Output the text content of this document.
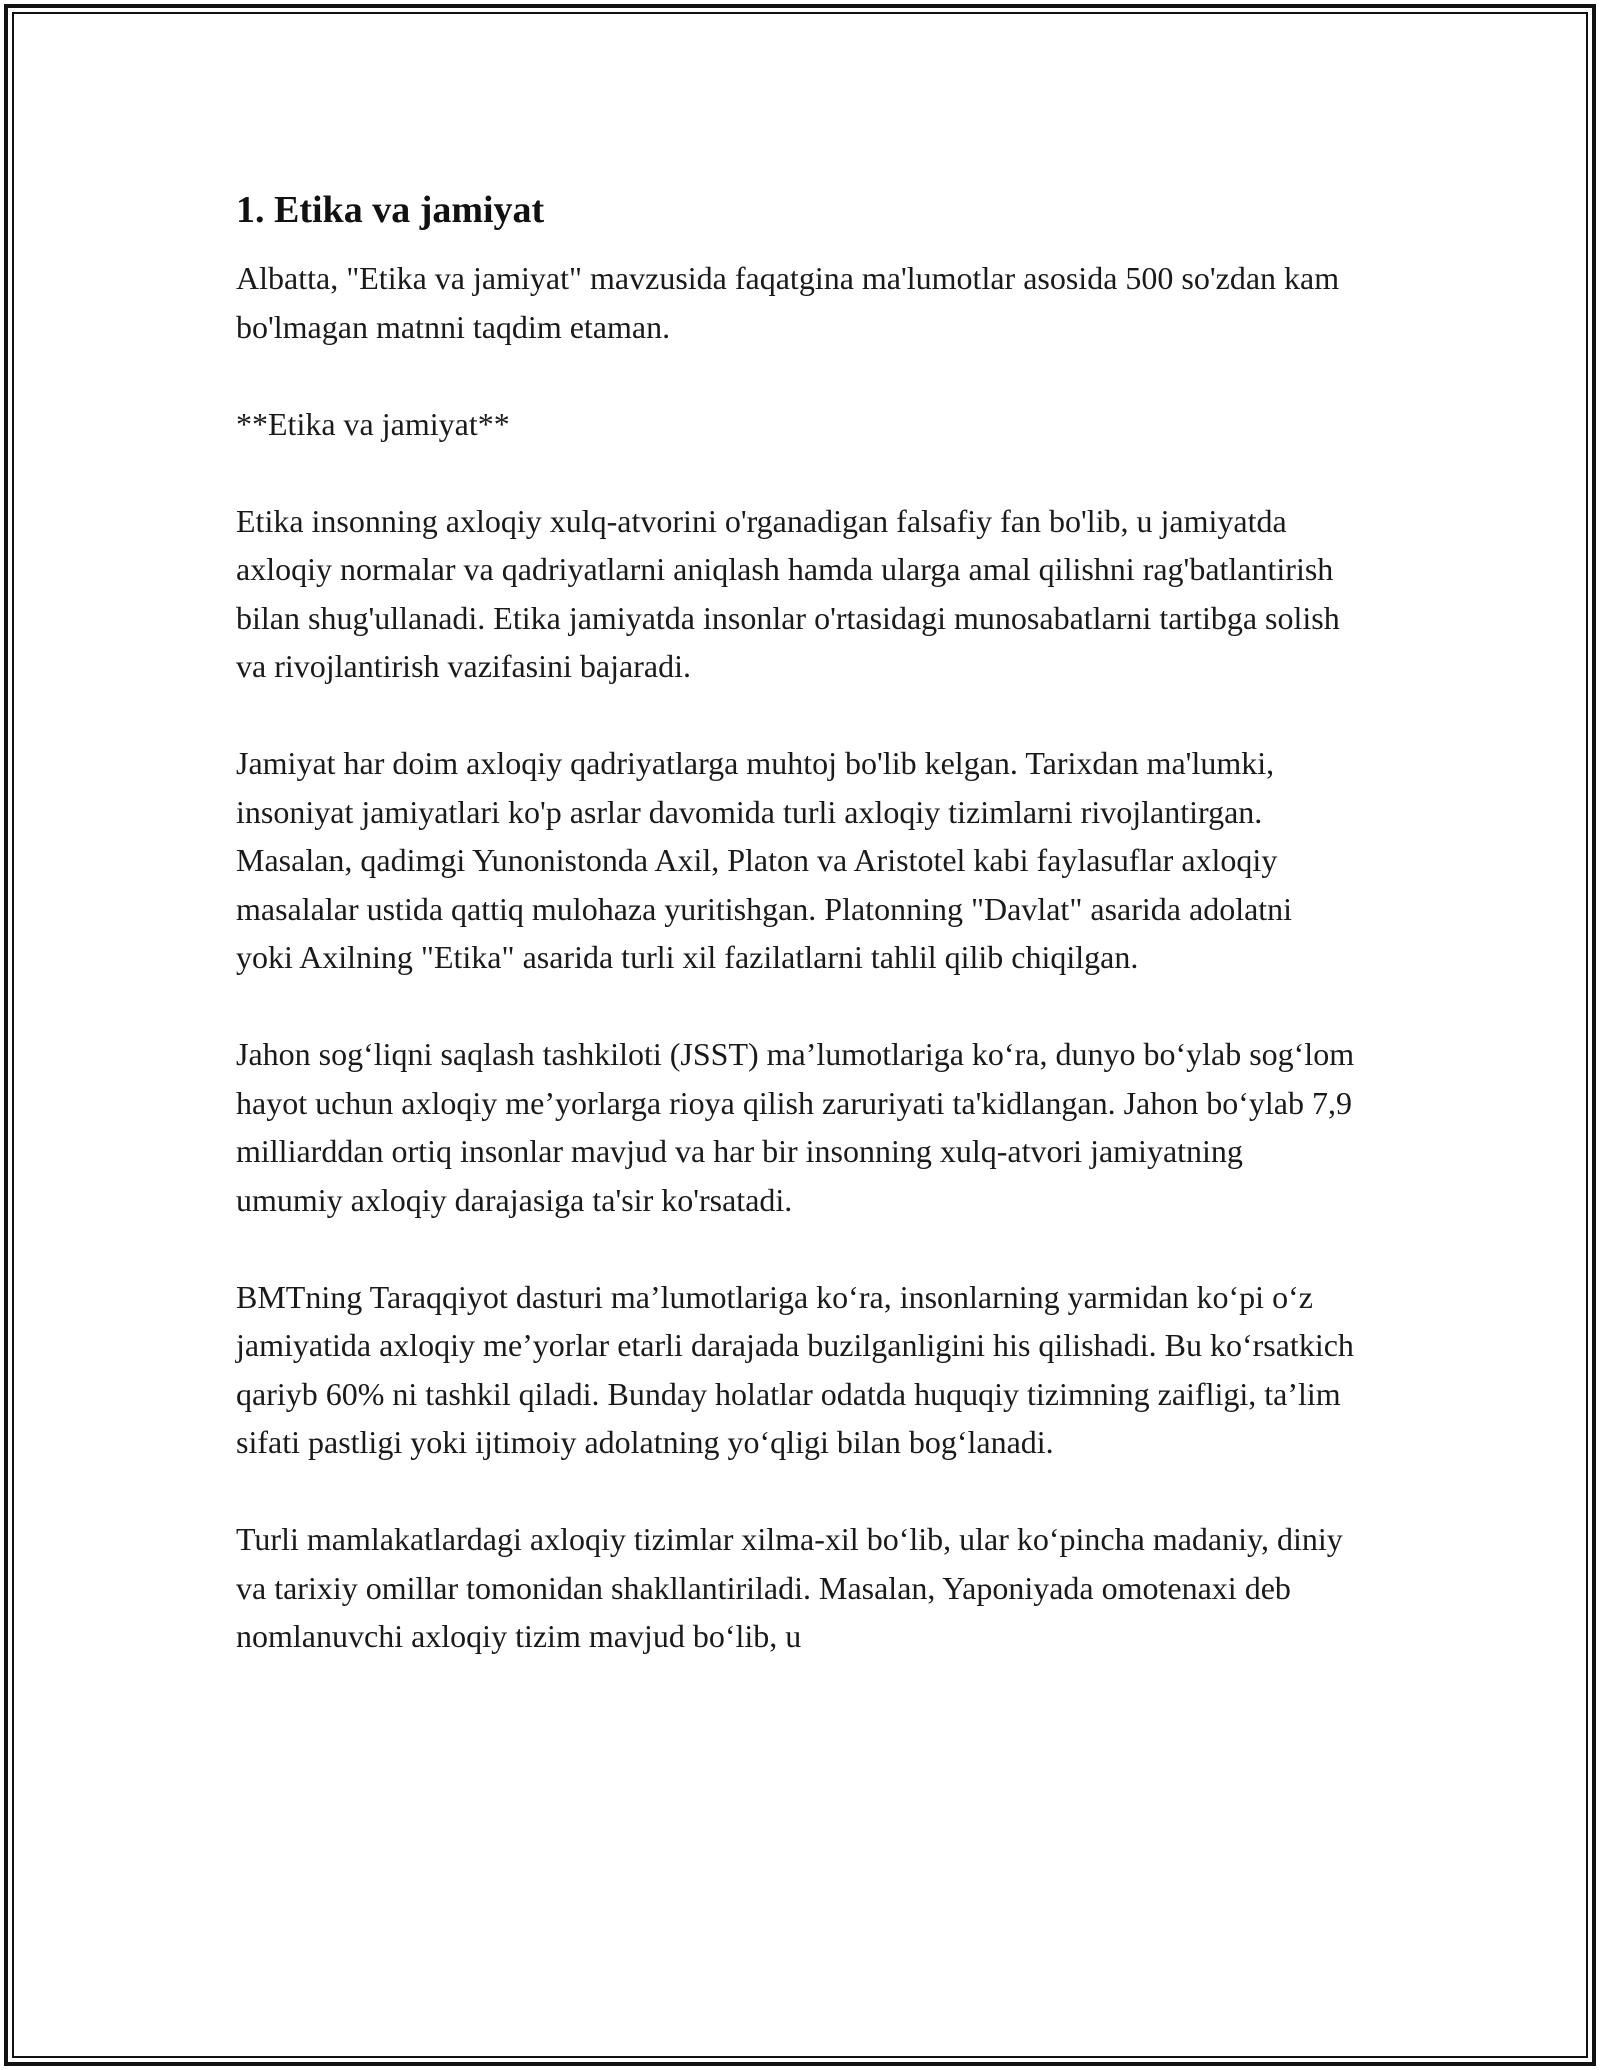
1. Etika va jamiyat

Albatta, "Etika va jamiyat" mavzusida faqatgina ma'lumotlar asosida 500 so'zdan kam bo'lmagan matnni taqdim etaman.

**Etika va jamiyat**

Etika insonning axloqiy xulq-atvorini o'rganadigan falsafiy fan bo'lib, u jamiyatda axloqiy normalar va qadriyatlarni aniqlash hamda ularga amal qilishni rag'batlantirish bilan shug'ullanadi. Etika jamiyatda insonlar o'rtasidagi munosabatlarni tartibga solish va rivojlantirish vazifasini bajaradi.

Jamiyat har doim axloqiy qadriyatlarga muhtoj bo'lib kelgan. Tarixdan ma'lumki, insoniyat jamiyatlari ko'p asrlar davomida turli axloqiy tizimlarni rivojlantirgan. Masalan, qadimgi Yunonistonda Axil, Platon va Aristotel kabi faylasuflar axloqiy masalalar ustida qattiq mulohaza yuritishgan. Platonning "Davlat" asarida adolatni yoki Axilning "Etika" asarida turli xil fazilatlarni tahlil qilib chiqilgan.

Jahon sog‘liqni saqlash tashkiloti (JSST) ma’lumotlariga ko‘ra, dunyo bo‘ylab sog‘lom hayot uchun axloqiy me’yorlarga rioya qilish zaruriyati ta'kidlangan. Jahon bo‘ylab 7,9 milliarddan ortiq insonlar mavjud va har bir insonning xulq-atvori jamiyatning umumiy axloqiy darajasiga ta'sir ko'rsatadi.

BMTning Taraqqiyot dasturi ma’lumotlariga ko‘ra, insonlarning yarmidan ko‘pi o‘z jamiyatida axloqiy me’yorlar etarli darajada buzilganligini his qilishadi. Bu ko‘rsatkich qariyb 60% ni tashkil qiladi. Bunday holatlar odatda huquqiy tizimning zaifligi, ta’lim sifati pastligi yoki ijtimoiy adolatning yo‘qligi bilan bog‘lanadi.

Turli mamlakatlardagi axloqiy tizimlar xilma-xil bo‘lib, ular ko‘pincha madaniy, diniy va tarixiy omillar tomonidan shakllantiriladi. Masalan, Yaponiyada omotenaxi deb nomlanuvchi axloqiy tizim mavjud bo‘lib, u
